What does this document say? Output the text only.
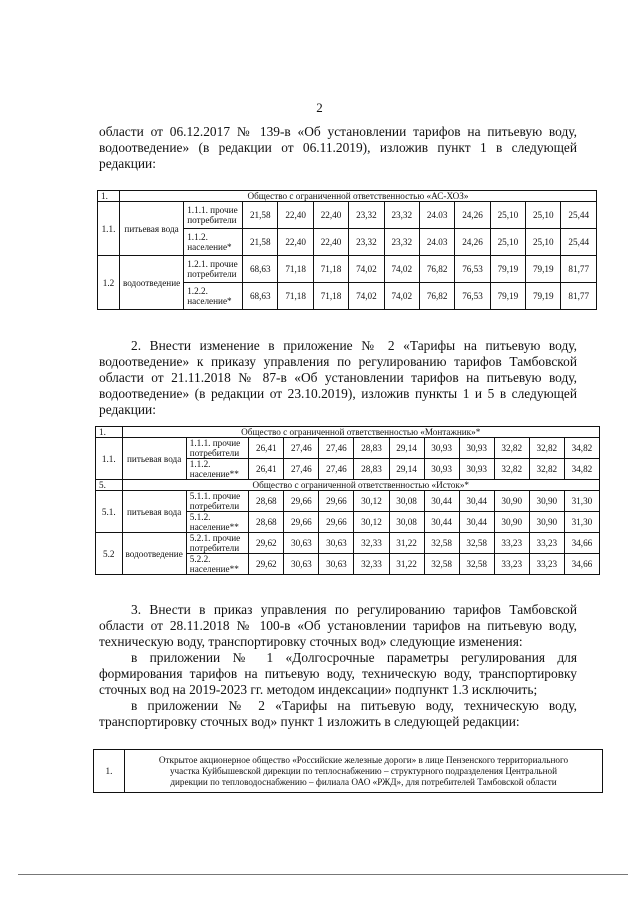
2

области от 06.12.2017 № 139-в «Об установлении тарифов на питьевую воду,

водоотведение» (в редакции от 06.11.2019), изложив пункт 1 в следующей

редакции:

1.	Общество с ограниченной ответственностью «АС-ХОЗ»											
1.1.	питьевая вода	1.1.1. прочие потребители	21,58	22,40	22,40	23,32	23,32	24.03	24,26	25,10	25,10	25,44
		1.1.2. население*	21,58	22,40	22,40	23,32	23,32	24.03	24,26	25,10	25,10	25,44
1.2	водоотведение	1.2.1. прочие потребители	68,63	71,18	71,18	74,02	74,02	76,82	76,53	79,19	79,19	81,77
		1.2.2. население*	68,63	71,18	71,18	74,02	74,02	76,82	76,53	79,19	79,19	81,77

2. Внести изменение в приложение № 2 «Тарифы на питьевую воду,

водоотведение» к приказу управления по регулированию тарифов Тамбовской

области от 21.11.2018 № 87-в «Об установлении тарифов на питьевую воду,

водоотведение» (в редакции от 23.10.2019), изложив пункты 1 и 5 в следующей

редакции:

1.	Общество с ограниченной ответственностью «Монтажник»*											
1.1.	питьевая вода	1.1.1. прочие потребители	26,41	27,46	27,46	28,83	29,14	30,93	30,93	32,82	32,82	34,82
		1.1.2. население**	26,41	27,46	27,46	28,83	29,14	30,93	30,93	32,82	32,82	34,82
5.	Общество с ограниченной ответственностью «Исток»*											
5.1.	питьевая вода	5.1.1. прочие потребители	28,68	29,66	29,66	30,12	30,08	30,44	30,44	30,90	30,90	31,30
		5.1.2. население**	28,68	29,66	29,66	30,12	30,08	30,44	30,44	30,90	30,90	31,30
5.2	водоотведение	5.2.1. прочие потребители	29,62	30,63	30,63	32,33	31,22	32,58	32,58	33,23	33,23	34,66
		5.2.2. население**	29,62	30,63	30,63	32,33	31,22	32,58	32,58	33,23	33,23	34,66

3. Внести в приказ управления по регулированию тарифов Тамбовской

области от 28.11.2018 № 100-в «Об установлении тарифов на питьевую воду,

техническую воду, транспортировку сточных вод» следующие изменения:

в приложении № 1 «Долгосрочные параметры регулирования для

формирования тарифов на питьевую воду, техническую воду, транспортировку

сточных вод на 2019-2023 гг. методом индексации» подпункт 1.3 исключить;

в приложении № 2 «Тарифы на питьевую воду, техническую воду,

транспортировку сточных вод» пункт 1 изложить в следующей редакции:

1.	
Открытое акционерное общество «Российские железные дороги» в лице Пензенского территориального
участка Куйбышевской дирекции по теплоснабжению – структурного подразделения Центральной
дирекции по тепловодоснабжению – филиала ОАО «РЖД», для потребителей Тамбовской области
